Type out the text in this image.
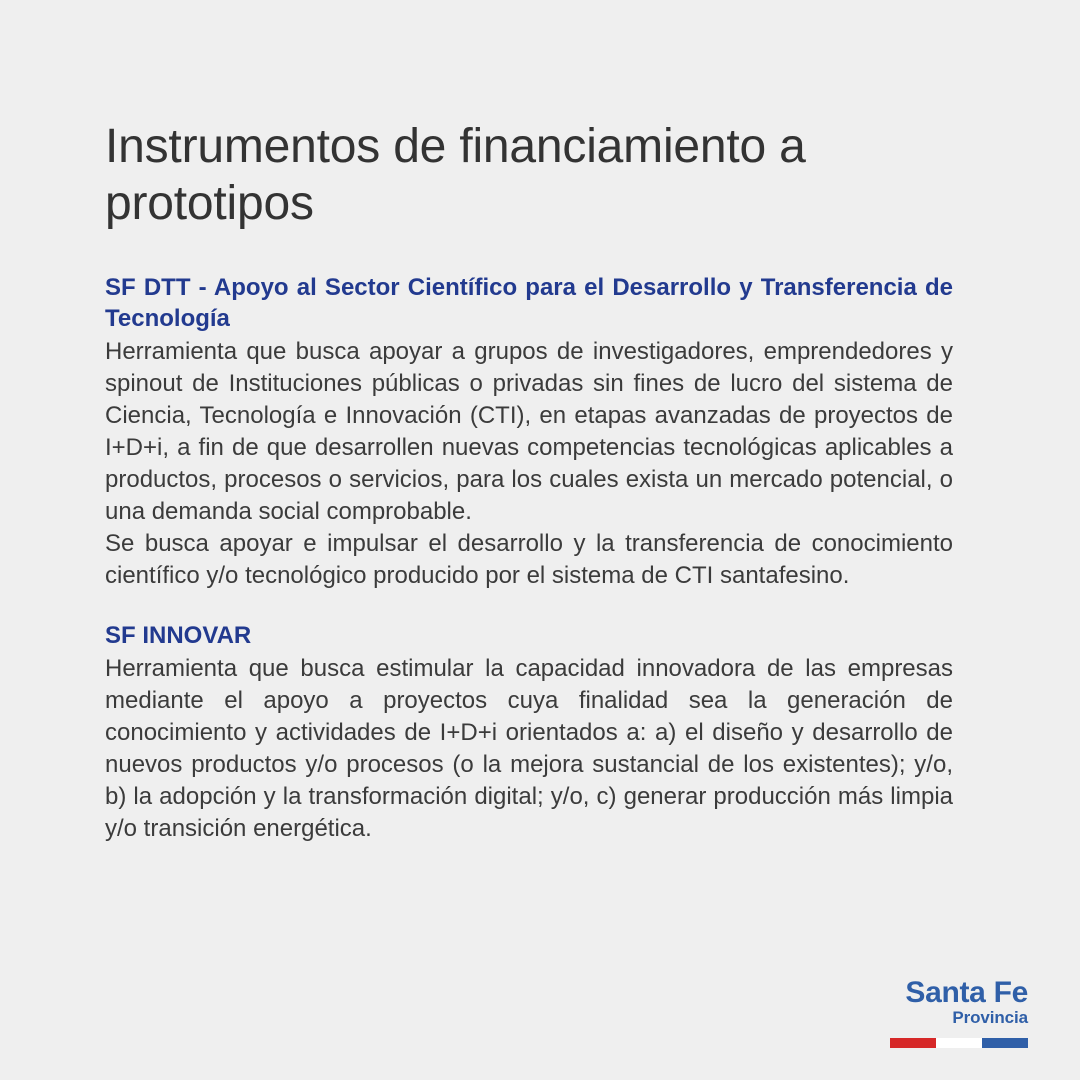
Instrumentos de financiamiento a prototipos
SF DTT - Apoyo al Sector Científico para el Desarrollo y Transferencia de Tecnología

Herramienta que busca apoyar a grupos de investigadores, emprendedores y spinout de Instituciones públicas o privadas sin fines de lucro del sistema de Ciencia, Tecnología e Innovación (CTI), en etapas avanzadas de proyectos de I+D+i, a fin de que desarrollen nuevas competencias tecnológicas aplicables a productos, procesos o servicios, para los cuales exista un mercado potencial, o una demanda social comprobable.

Se busca apoyar e impulsar el desarrollo y la transferencia de conocimiento científico y/o tecnológico producido por el sistema de CTI santafesino.

SF INNOVAR

Herramienta que busca estimular la capacidad innovadora de las empresas mediante el apoyo a proyectos cuya finalidad sea la generación de conocimiento y actividades de I+D+i orientados a: a) el diseño y desarrollo de nuevos productos y/o procesos (o la mejora sustancial de los existentes); y/o, b) la adopción y la transformación digital; y/o, c) generar producción más limpia y/o transición energética.

Santa Fe
Provincia
